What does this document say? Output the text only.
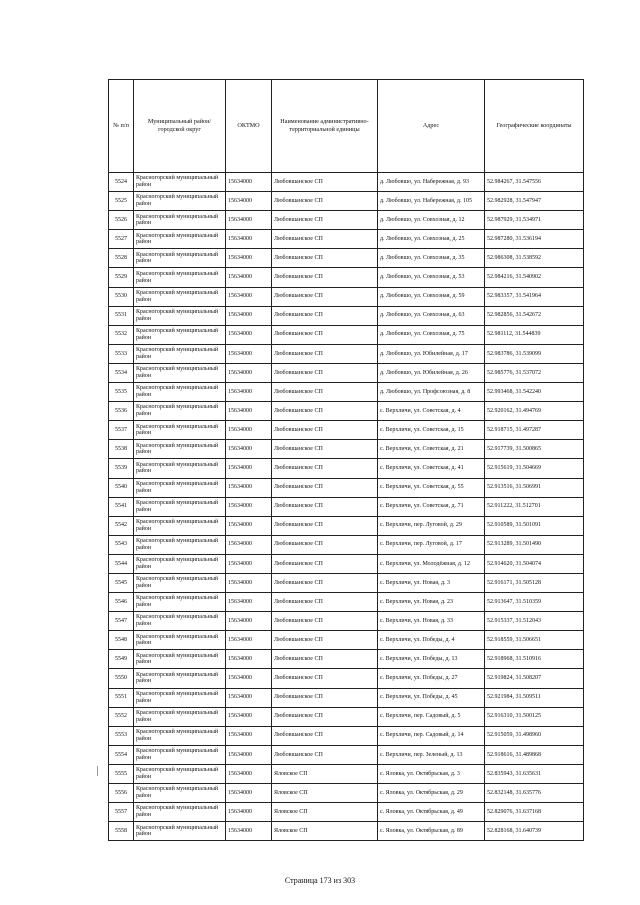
№ п/п	Муниципальный район/городской округ	ОКТМО	Наименование административно-территориальной единицы	Адрес	Географические координаты
5524	Красногорский муниципальный район	15634000	Любовшанское СП	д. Любовшо, ул. Набережная, д. 93	52.984267, 31.547556
5525	Красногорский муниципальный район	15634000	Любовшанское СП	д. Любовшо, ул. Набережная, д. 105	52.982928, 31.547947
5526	Красногорский муниципальный район	15634000	Любовшанское СП	д. Любовшо, ул. Совхозная, д. 12	52.987929, 31.534971
5527	Красногорский муниципальный район	15634000	Любовшанское СП	д. Любовшо, ул. Совхозная, д. 25	52.987280, 31.536194
5528	Красногорский муниципальный район	15634000	Любовшанское СП	д. Любовшо, ул. Совхозная, д. 35	52.986308, 31.538592
5529	Красногорский муниципальный район	15634000	Любовшанское СП	д. Любовшо, ул. Совхозная, д. 53	52.984216, 31.540902
5530	Красногорский муниципальный район	15634000	Любовшанское СП	д. Любовшо, ул. Совхозная, д. 59	52.983357, 31.541964
5531	Красногорский муниципальный район	15634000	Любовшанское СП	д. Любовшо, ул. Совхозная, д. 63	52.982856, 31.542672
5532	Красногорский муниципальный район	15634000	Любовшанское СП	д. Любовшо, ул. Совхозная, д. 75	52.981112, 31.544839
5533	Красногорский муниципальный район	15634000	Любовшанское СП	д. Любовшо, ул. Юбилейная, д. 17	52.983786, 31.539099
5534	Красногорский муниципальный район	15634000	Любовшанское СП	д. Любовшо, ул. Юбилейная, д. 26	52.985776, 31.537072
5535	Красногорский муниципальный район	15634000	Любовшанское СП	д. Любовшо, ул. Профсоюзная, д. 8	52.993468, 31.542240
5536	Красногорский муниципальный район	15634000	Любовшанское СП	с. Верхличи, ул. Советская, д. 4	52.920162, 31.494769
5537	Красногорский муниципальный район	15634000	Любовшанское СП	с. Верхличи, ул. Советская, д. 15	52.918715, 31.497287
5538	Красногорский муниципальный район	15634000	Любовшанское СП	с. Верхличи, ул. Советская, д. 21	52.917739, 31.500865
5539	Красногорский муниципальный район	15634000	Любовшанское СП	с. Верхличи, ул. Советская, д. 41	52.915619, 31.504669
5540	Красногорский муниципальный район	15634000	Любовшанское СП	с. Верхличи, ул. Советская, д. 55	52.913516, 31.506991
5541	Красногорский муниципальный район	15634000	Любовшанское СП	с. Верхличи, ул. Советская, д. 71	52.911222, 31.512701
5542	Красногорский муниципальный район	15634000	Любовшанское СП	с. Верхличи, пер. Луговой, д. 29	52.910589, 31.501091
5543	Красногорский муниципальный район	15634000	Любовшанское СП	с. Верхличи, пер. Луговой, д. 17	52.913289, 31.501490
5544	Красногорский муниципальный район	15634000	Любовшанское СП	с. Верхличи, ул. Молодёжная, д. 12	52.914620, 31.504074
5545	Красногорский муниципальный район	15634000	Любовшанское СП	с. Верхличи, ул. Новая, д. 3	52.916171, 31.505128
5546	Красногорский муниципальный район	15634000	Любовшанское СП	с. Верхличи, ул. Новая, д. 23	52.913647, 31.510359
5547	Красногорский муниципальный район	15634000	Любовшанское СП	с. Верхличи, ул. Новая, д. 33	52.915337, 31.512043
5548	Красногорский муниципальный район	15634000	Любовшанское СП	с. Верхличи, ул. Победы, д. 4	52.918559, 31.506651
5549	Красногорский муниципальный район	15634000	Любовшанское СП	с. Верхличи, ул. Победы, д. 13	52.918968, 31.510916
5550	Красногорский муниципальный район	15634000	Любовшанское СП	с. Верхличи, ул. Победы, д. 27	52.919824, 31.508207
5551	Красногорский муниципальный район	15634000	Любовшанское СП	с. Верхличи, ул. Победы, д. 45	52.921984, 31.509511
5552	Красногорский муниципальный район	15634000	Любовшанское СП	с. Верхличи, пер. Садовый, д. 5	52.916310, 31.500125
5553	Красногорский муниципальный район	15634000	Любовшанское СП	с. Верхличи, пер. Садовый, д. 14	52.915059, 31.498960
5554	Красногорский муниципальный район	15634000	Любовшанское СП	с. Верхличи, пер. Зеленый, д. 13	52.918616, 31.489868
5555	Красногорский муниципальный район	15634000	Яловское СП	с. Яловка, ул. Октябрьская, д. 3	52.835943, 31.635631
5556	Красногорский муниципальный район	15634000	Яловское СП	с. Яловка, ул. Октябрьская, д. 29	52.832148, 31.635776
5557	Красногорский муниципальный район	15634000	Яловское СП	с. Яловка, ул. Октябрьская, д. 49	52.829076, 31.637168
5558	Красногорский муниципальный район	15634000	Яловское СП	с. Яловка, ул. Октябрьская, д. 89	52.828168, 31.640739
Страница 173 из 303
